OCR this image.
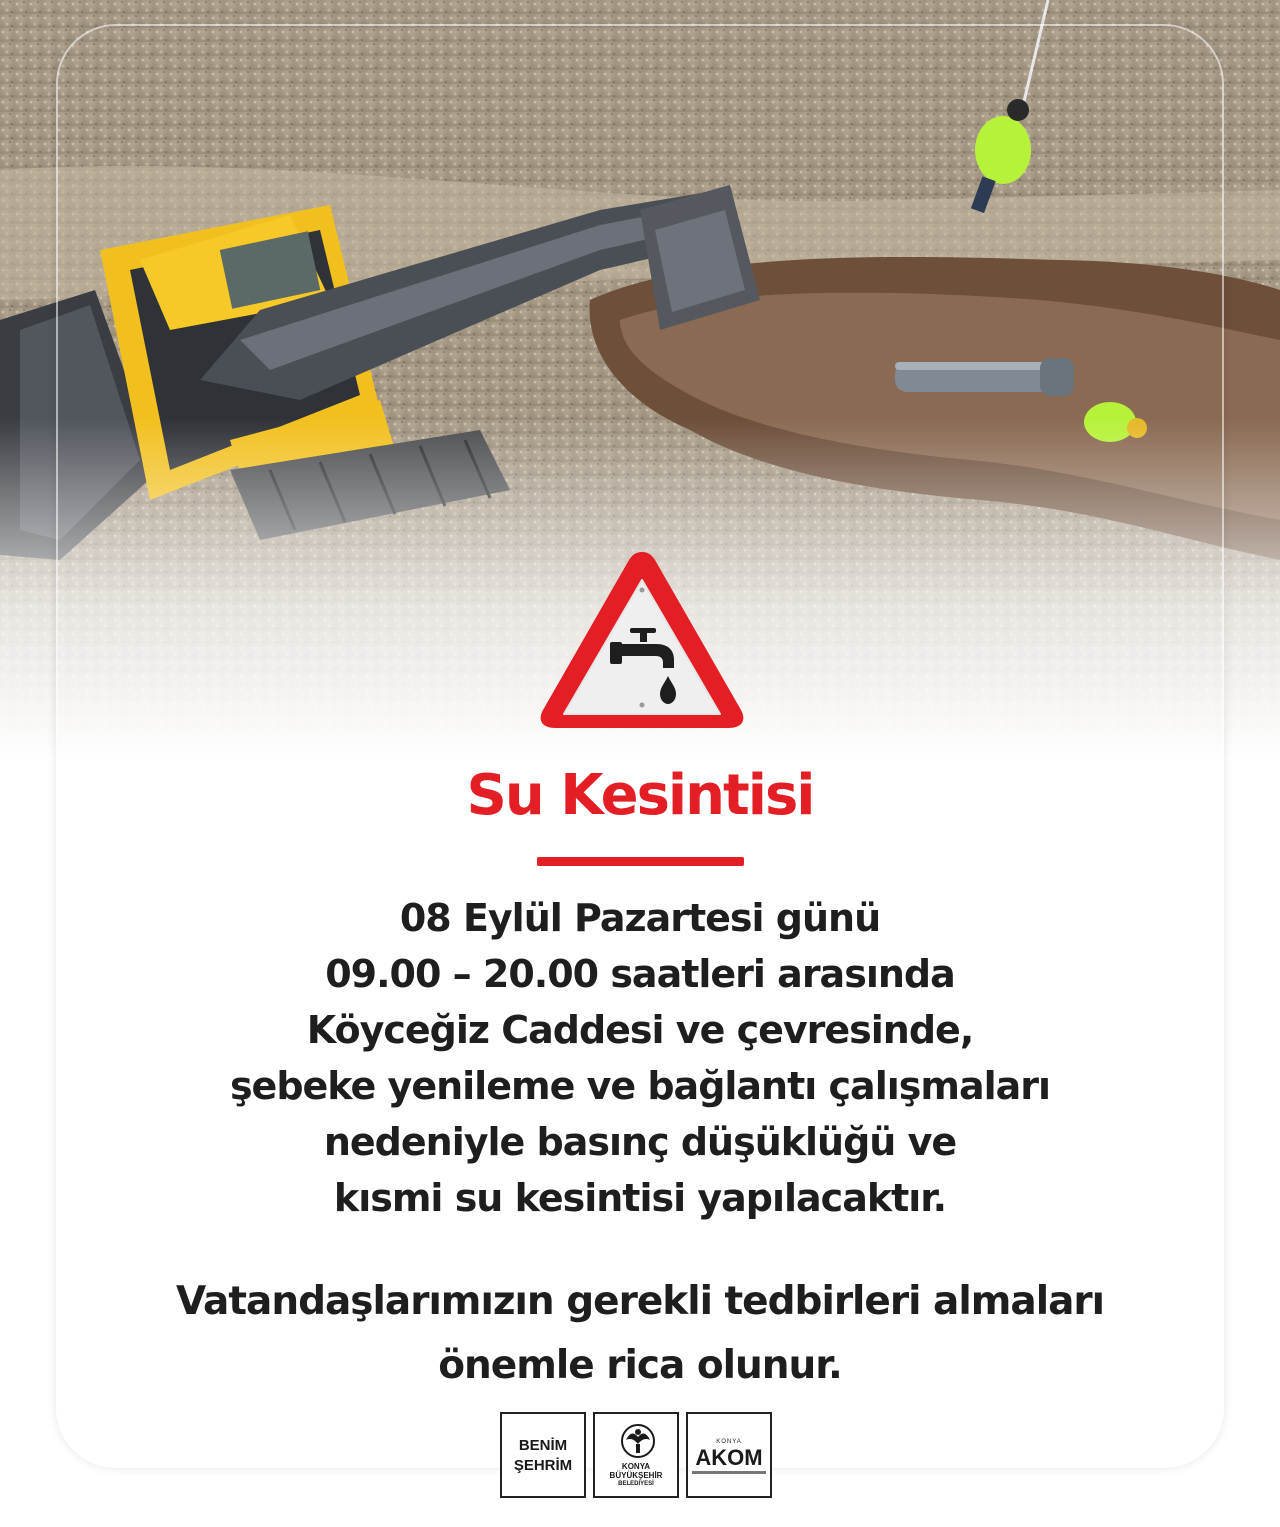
Su Kesintisi
08 Eylül Pazartesi günü
09.00 – 20.00 saatleri arasında
Köyceğiz Caddesi ve çevresinde,
şebeke yenileme ve bağlantı çalışmaları
nedeniyle basınç düşüklüğü ve
kısmi su kesintisi yapılacaktır.
Vatandaşlarımızın gerekli tedbirleri almaları
önemle rica olunur.
BENİM
ŞEHRİM	KONYA
BÜYÜKŞEHİR
BELEDİYESİ
KONYA
AKOM
